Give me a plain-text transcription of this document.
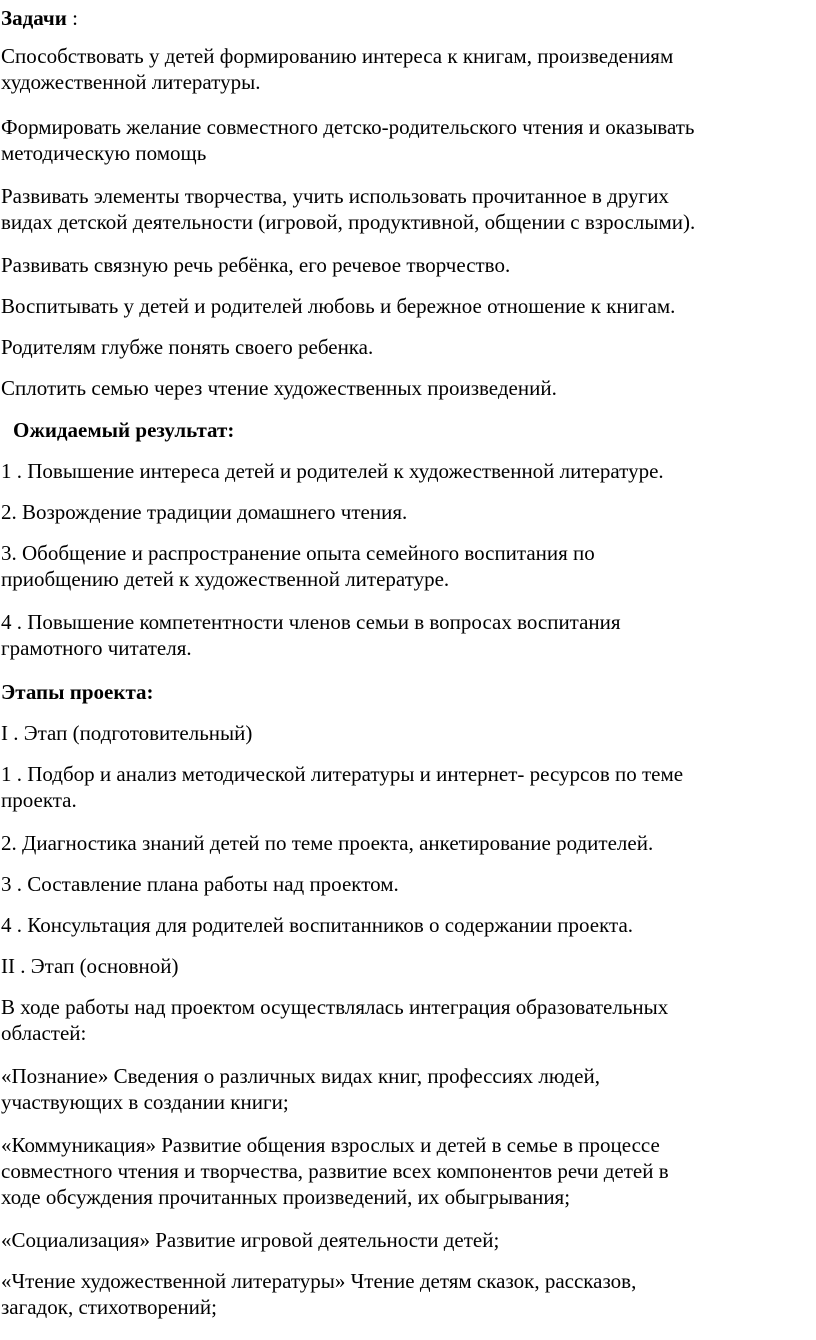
Задачи :
Способствовать у детей формированию интереса к книгам, произведениям
художественной литературы.
Формировать желание совместного детско-родительского чтения и оказывать
методическую помощь
Развивать элементы творчества, учить использовать прочитанное в других
видах детской деятельности (игровой, продуктивной, общении с взрослыми).
Развивать связную речь ребёнка, его речевое творчество.
Воспитывать у детей и родителей любовь и бережное отношение к книгам.
Родителям глубже понять своего ребенка.
Сплотить семью через чтение художественных произведений.
Ожидаемый результат:
1 . Повышение интереса детей и родителей к художественной литературе.
2. Возрождение традиции домашнего чтения.
3. Обобщение и распространение опыта семейного воспитания по
приобщению детей к художественной литературе.
4 . Повышение компетентности членов семьи в вопросах воспитания
грамотного читателя.
Этапы проекта:
I . Этап (подготовительный)
1 . Подбор и анализ методической литературы и интернет- ресурсов по теме
проекта.
2. Диагностика знаний детей по теме проекта, анкетирование родителей.
3 . Составление плана работы над проектом.
4 . Консультация для родителей воспитанников о содержании проекта.
II . Этап (основной)
В ходе работы над проектом осуществлялась интеграция образовательных
областей:
«Познание» Сведения о различных видах книг, профессиях людей,
участвующих в создании книги;
«Коммуникация» Развитие общения взрослых и детей в семье в процессе
совместного чтения и творчества, развитие всех компонентов речи детей в
ходе обсуждения прочитанных произведений, их обыгрывания;
«Социализация» Развитие игровой деятельности детей;
«Чтение художественной литературы» Чтение детям сказок, рассказов,
загадок, стихотворений;
